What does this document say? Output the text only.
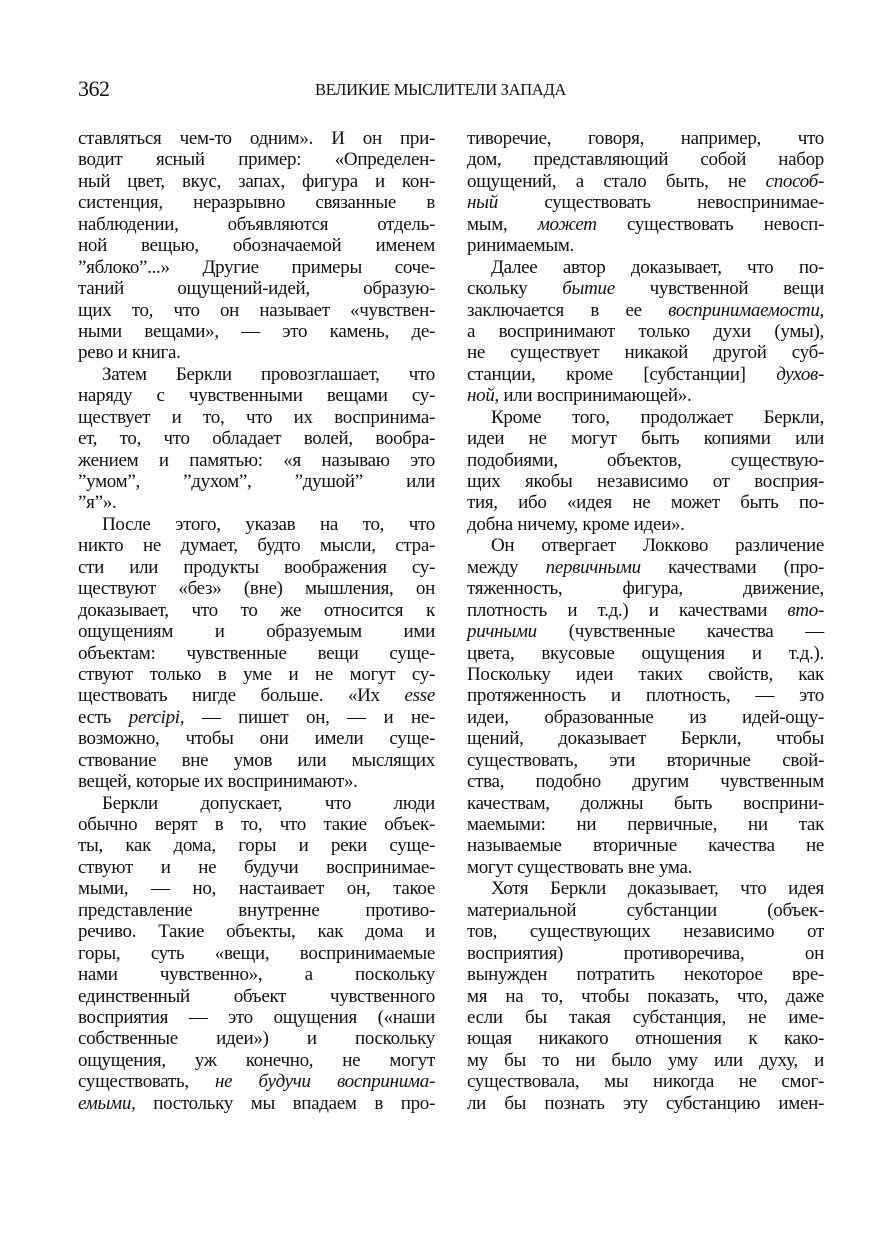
362	ВЕЛИКИЕ МЫСЛИТЕЛИ ЗАПАДА
ставляться чем-то одним». И он при-
водит ясный пример: «Определен-
ный цвет, вкус, запах, фигура и кон-
систенция, неразрывно связанные в
наблюдении, объявляются отдель-
ной вещью, обозначаемой именем
”яблоко”...» Другие примеры соче-
таний ощущений-идей, образую-
щих то, что он называет «чувствен-
ными вещами», — это камень, де-
рево и книга.
Затем Беркли провозглашает, что
наряду с чувственными вещами су-
ществует и то, что их воспринима-
ет, то, что обладает волей, вообра-
жением и памятью: «я называю это
”умом”, ”духом”, ”душой” или
”я”».
После этого, указав на то, что
никто не думает, будто мысли, стра-
сти или продукты воображения су-
ществуют «без» (вне) мышления, он
доказывает, что то же относится к
ощущениям и образуемым ими
объектам: чувственные вещи суще-
ствуют только в уме и не могут су-
ществовать нигде больше. «Их esse
есть percipi, — пишет он, — и не-
возможно, чтобы они имели суще-
ствование вне умов или мыслящих
вещей, которые их воспринимают».
Беркли допускает, что люди
обычно верят в то, что такие объек-
ты, как дома, горы и реки суще-
ствуют и не будучи воспринимае-
мыми, — но, настаивает он, такое
представление внутренне противо-
речиво. Такие объекты, как дома и
горы, суть «вещи, воспринимаемые
нами чувственно», а поскольку
единственный объект чувственного
восприятия — это ощущения («наши
собственные идеи») и поскольку
ощущения, уж конечно, не могут
существовать, не будучи воспринима-
емыми, постольку мы впадаем в про-
тиворечие, говоря, например, что
дом, представляющий собой набор
ощущений, а стало быть, не способ-
ный существовать невоспринимае-
мым, может существовать невосп-
ринимаемым.
Далее автор доказывает, что по-
скольку бытие чувственной вещи
заключается в ее воспринимаемости,
а воспринимают только духи (умы),
не существует никакой другой суб-
станции, кроме [субстанции] духов-
ной, или воспринимающей».
Кроме того, продолжает Беркли,
идеи не могут быть копиями или
подобиями, объектов, существую-
щих якобы независимо от восприя-
тия, ибо «идея не может быть по-
добна ничему, кроме идеи».
Он отвергает Локково различение
между первичными качествами (про-
тяженность, фигура, движение,
плотность и т.д.) и качествами вто-
ричными (чувственные качества —
цвета, вкусовые ощущения и т.д.).
Поскольку идеи таких свойств, как
протяженность и плотность, — это
идеи, образованные из идей-ощу-
щений, доказывает Беркли, чтобы
существовать, эти вторичные свой-
ства, подобно другим чувственным
качествам, должны быть восприни-
маемыми: ни первичные, ни так
называемые вторичные качества не
могут существовать вне ума.
Хотя Беркли доказывает, что идея
материальной субстанции (объек-
тов, существующих независимо от
восприятия) противоречива, он
вынужден потратить некоторое вре-
мя на то, чтобы показать, что, даже
если бы такая субстанция, не име-
ющая никакого отношения к како-
му бы то ни было уму или духу, и
существовала, мы никогда не смог-
ли бы познать эту субстанцию имен-
